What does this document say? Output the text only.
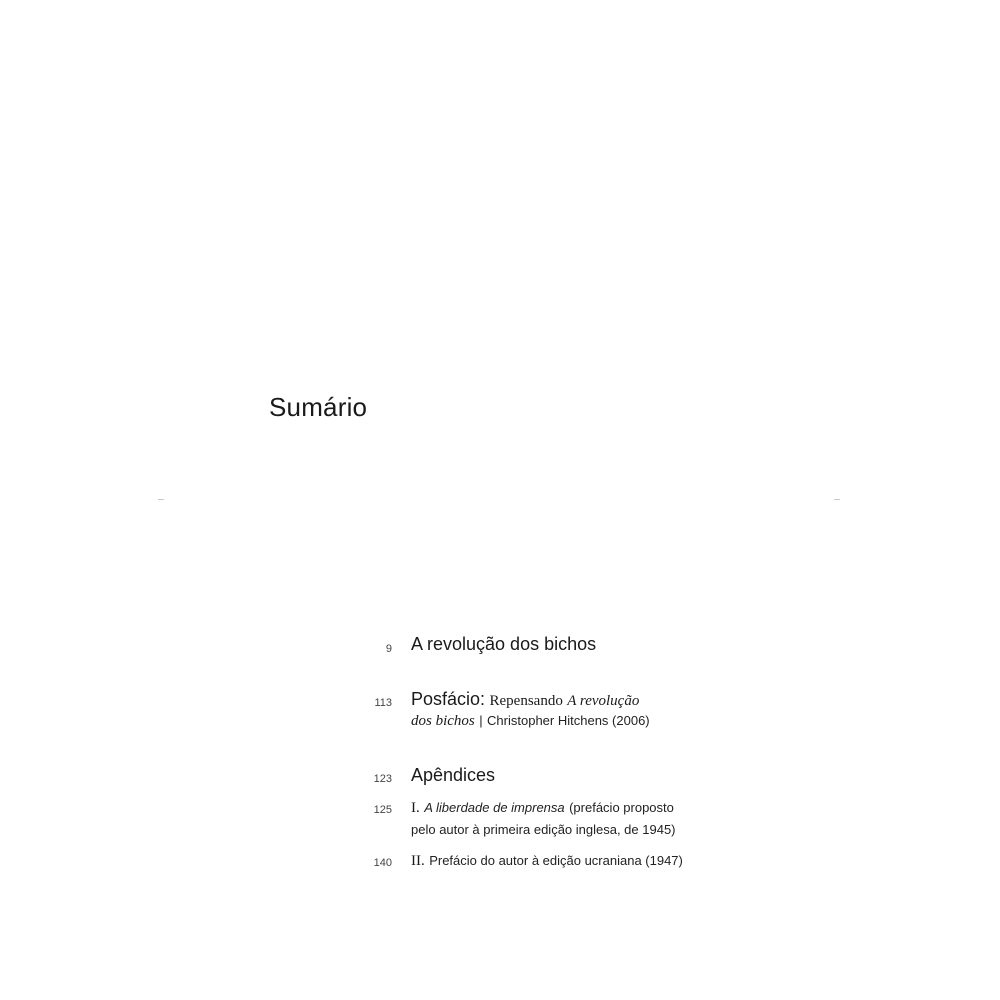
Sumário
9 A revolução dos bichos
113 Posfácio: Repensando A revolução
dos bichos | Christopher Hitchens (2006)
123 Apêndices
125 I. A liberdade de imprensa (prefácio proposto
pelo autor à primeira edição inglesa, de 1945)
140 II. Prefácio do autor à edição ucraniana (1947)
